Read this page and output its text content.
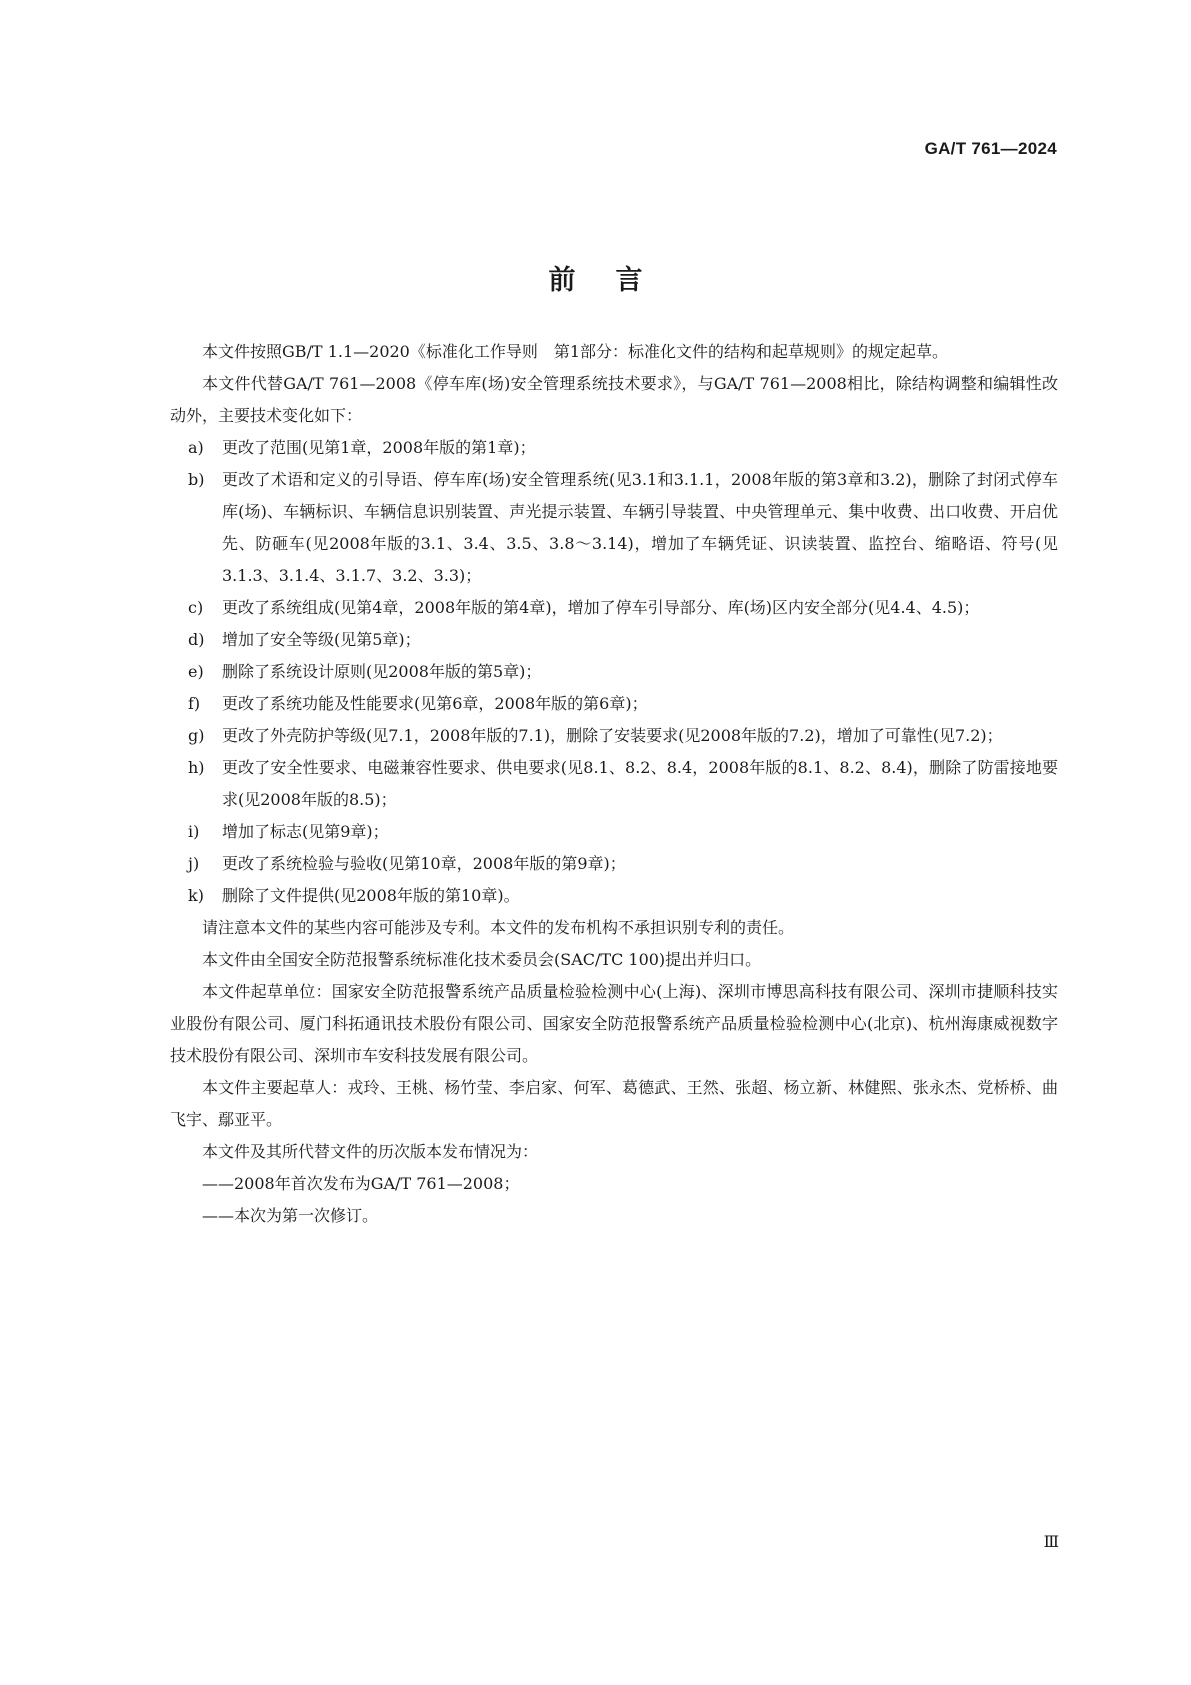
GA/T 761—2024
前言

本文件按照GB/T 1.1—2020《标准化工作导则　第1部分：标准化文件的结构和起草规则》的规定起草。

本文件代替GA/T 761—2008《停车库(场)安全管理系统技术要求》，与GA/T 761—2008相比，除结构调整和编辑性改动外，主要技术变化如下：

a)	更改了范围(见第1章，2008年版的第1章)；
b)	更改了术语和定义的引导语、停车库(场)安全管理系统(见3.1和3.1.1，2008年版的第3章和3.2)，删除了封闭式停车库(场)、车辆标识、车辆信息识别装置、声光提示装置、车辆引导装置、中央管理单元、集中收费、出口收费、开启优先、防砸车(见2008年版的3.1、3.4、3.5、3.8～3.14)，增加了车辆凭证、识读装置、监控台、缩略语、符号(见3.1.3、3.1.4、3.1.7、3.2、3.3)；
c)	更改了系统组成(见第4章，2008年版的第4章)，增加了停车引导部分、库(场)区内安全部分(见4.4、4.5)；
d)	增加了安全等级(见第5章)；
e)	删除了系统设计原则(见2008年版的第5章)；
f)	更改了系统功能及性能要求(见第6章，2008年版的第6章)；
g)	更改了外壳防护等级(见7.1，2008年版的7.1)，删除了安装要求(见2008年版的7.2)，增加了可靠性(见7.2)；
h)	更改了安全性要求、电磁兼容性要求、供电要求(见8.1、8.2、8.4，2008年版的8.1、8.2、8.4)，删除了防雷接地要求(见2008年版的8.5)；
i)	增加了标志(见第9章)；
j)	更改了系统检验与验收(见第10章，2008年版的第9章)；
k)	删除了文件提供(见2008年版的第10章)。

请注意本文件的某些内容可能涉及专利。本文件的发布机构不承担识别专利的责任。

本文件由全国安全防范报警系统标准化技术委员会(SAC/TC 100)提出并归口。

本文件起草单位：国家安全防范报警系统产品质量检验检测中心(上海)、深圳市博思高科技有限公司、深圳市捷顺科技实业股份有限公司、厦门科拓通讯技术股份有限公司、国家安全防范报警系统产品质量检验检测中心(北京)、杭州海康威视数字技术股份有限公司、深圳市车安科技发展有限公司。

本文件主要起草人：戎玲、王桃、杨竹莹、李启家、何军、葛德武、王然、张超、杨立新、林健熙、张永杰、党桥桥、曲飞宇、鄢亚平。

本文件及其所代替文件的历次版本发布情况为：

——2008年首次发布为GA/T 761—2008；

——本次为第一次修订。

Ⅲ
